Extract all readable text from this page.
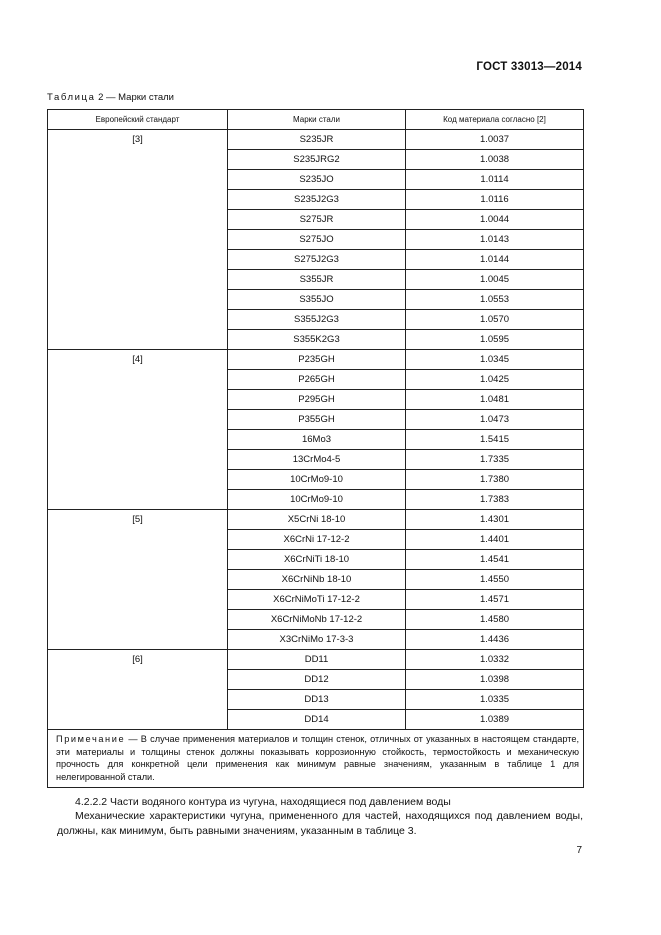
ГОСТ 33013—2014
Таблица 2 — Марки стали
Европейский стандарт	Марки стали	Код материала согласно [2]
[3]	S235JR	1.0037
	S235JRG2	1.0038
	S235JO	1.0114
	S235J2G3	1.0116
	S275JR	1.0044
	S275JO	1.0143
	S275J2G3	1.0144
	S355JR	1.0045
	S355JO	1.0553
	S355J2G3	1.0570
	S355K2G3	1.0595
[4]	P235GH	1.0345
	P265GH	1.0425
	P295GH	1.0481
	P355GH	1.0473
	16Mo3	1.5415
	13CrMo4-5	1.7335
	10CrMo9-10	1.7380
	10CrMo9-10	1.7383
[5]	X5CrNi 18-10	1.4301
	X6CrNi 17-12-2	1.4401
	X6CrNiTi 18-10	1.4541
	X6CrNiNb 18-10	1.4550
	X6CrNiMoTi 17-12-2	1.4571
	X6CrNiMoNb 17-12-2	1.4580
	X3CrNiMo 17-3-3	1.4436
[6]	DD11	1.0332
	DD12	1.0398
	DD13	1.0335
	DD14	1.0389
Примечание — В случае применения материалов и толщин стенок, отличных от указанных в настоящем стандарте, эти материалы и толщины стенок должны показывать коррозионную стойкость, термостойкость и механическую прочность для конкретной цели применения как минимум равные значениям, указанным в таблице 1 для нелегированной стали.		
4.2.2.2 Части водяного контура из чугуна, находящиеся под давлением воды
Механические характеристики чугуна, примененного для частей, находящихся под давлением воды, должны, как минимум, быть равными значениям, указанным в таблице 3.
7
